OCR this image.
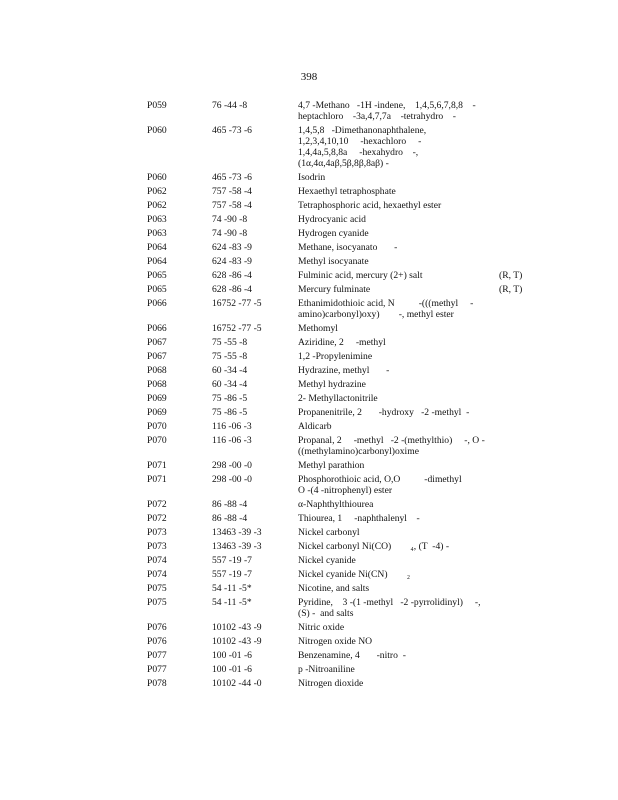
398
P059	76 -44 -8	4,7 -Methano   -1H -indene,    1,4,5,6,7,8,8    -
heptachloro    -3a,4,7,7a    -tetrahydro    -
P060	465 -73 -6	1,4,5,8   -Dimethanonaphthalene,
1,2,3,4,10,10     -hexachloro     -
1,4,4a,5,8,8a     -hexahydro    -,
(1α,4α,4aβ,5β,8β,8aβ) -
P060	465 -73 -6	Isodrin
P062	757 -58 -4	Hexaethyl tetraphosphate
P062	757 -58 -4	Tetraphosphoric acid, hexaethyl ester
P063	74 -90 -8	Hydrocyanic acid
P063	74 -90 -8	Hydrogen cyanide
P064	624 -83 -9	Methane, isocyanato       -
P064	624 -83 -9	Methyl isocyanate
P065	628 -86 -4	Fulminic acid, mercury (2+) salt	(R, T)
P065	628 -86 -4	Mercury fulminate	(R, T)
P066	16752 -77 -5	Ethanimidothioic acid, N          -(((methyl     -
amino)carbonyl)oxy)        -, methyl ester
P066	16752 -77 -5	Methomyl
P067	75 -55 -8	Aziridine, 2     -methyl
P067	75 -55 -8	1,2 -Propylenimine
P068	60 -34 -4	Hydrazine, methyl       -
P068	60 -34 -4	Methyl hydrazine
P069	75 -86 -5	2- Methyllactonitrile
P069	75 -86 -5	Propanenitrile, 2       -hydroxy   -2 -methyl  -
P070	116 -06 -3	Aldicarb
P070	116 -06 -3	Propanal, 2     -methyl   -2 -(methylthio)     -, O -
((methylamino)carbonyl)oxime
P071	298 -00 -0	Methyl parathion
P071	298 -00 -0	Phosphorothioic acid, O,O          -dimethyl
O -(4 -nitrophenyl) ester
P072	86 -88 -4	α-Naphthylthiourea
P072	86 -88 -4	Thiourea, 1     -naphthalenyl    -
P073	13463 -39 -3	Nickel carbonyl
P073	13463 -39 -3	Nickel carbonyl Ni(CO)        ₄, (T  -4) -
P074	557 -19 -7	Nickel cyanide
P074	557 -19 -7	Nickel cyanide Ni(CN)        ₂
P075	54 -11 -5*	Nicotine, and salts
P075	54 -11 -5*	Pyridine,    3 -(1 -methyl   -2 -pyrrolidinyl)     -,
(S) -  and salts
P076	10102 -43 -9	Nitric oxide
P076	10102 -43 -9	Nitrogen oxide NO
P077	100 -01 -6	Benzenamine, 4       -nitro  -
P077	100 -01 -6	p -Nitroaniline
P078	10102 -44 -0	Nitrogen dioxide
